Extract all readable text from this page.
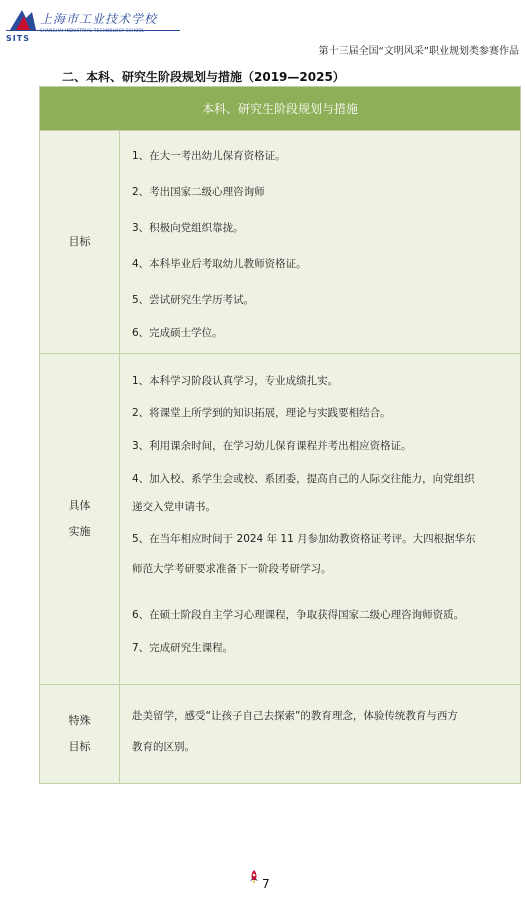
SITS
上海市工业技术学校
SHANGHAI INDUSTRIAL TECHNOLOGY SCHOOL
第十三届全国“文明风采”职业规划类参赛作品
二、本科、研究生阶段规划与措施（2019—2025）
本科、研究生阶段规划与措施
目标
1、在大一考出幼儿保育资格证。
2、考出国家二级心理咨询师
3、积极向党组织靠拢。
4、本科毕业后考取幼儿教师资格证。
5、尝试研究生学历考试。
6、完成硕士学位。
具体
实施
1、本科学习阶段认真学习，专业成绩扎实。
2、将课堂上所学到的知识拓展，理论与实践要相结合。
3、利用课余时间，在学习幼儿保育课程并考出相应资格证。
4、加入校、系学生会或校、系团委，提高自己的人际交往能力，向党组织
递交入党申请书。
5、在当年相应时间于 2024 年 11 月参加幼教资格证考评。大四根据华东
师范大学考研要求准备下一阶段考研学习。
6、在硕士阶段自主学习心理课程，争取获得国家二级心理咨询师资质。
7、完成研究生课程。
特殊
目标
赴美留学，感受“让孩子自己去探索”的教育理念，体验传统教育与西方
教育的区别。
7
